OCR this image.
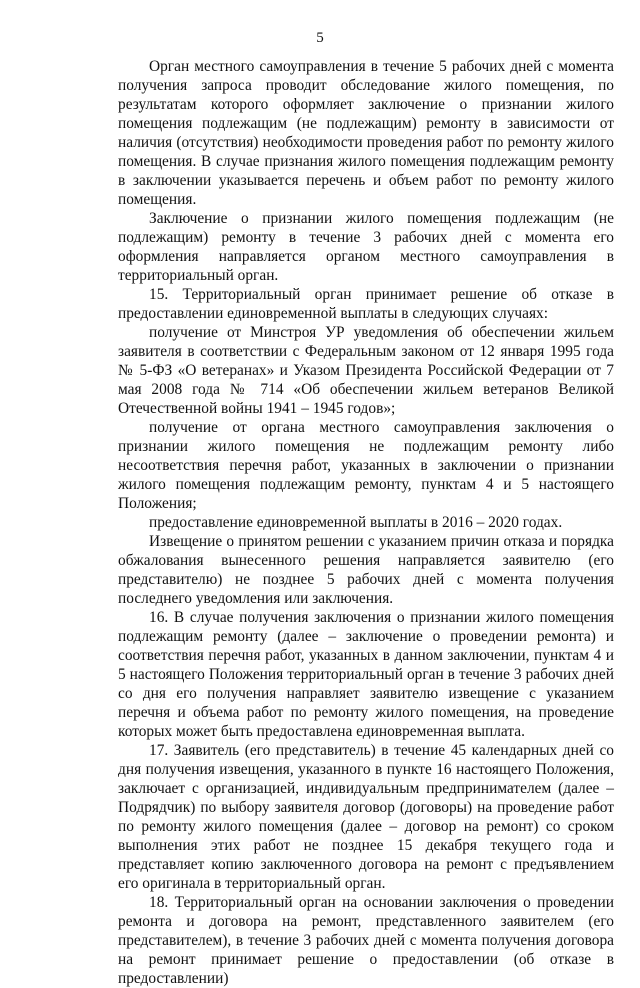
5

Орган местного самоуправления в течение 5 рабочих дней с момента получения запроса проводит обследование жилого помещения, по результатам которого оформляет заключение о признании жилого помещения подлежащим (не подлежащим) ремонту в зависимости от наличия (отсутствия) необходимости проведения работ по ремонту жилого помещения. В случае признания жилого помещения подлежащим ремонту в заключении указывается перечень и объем работ по ремонту жилого помещения.

Заключение о признании жилого помещения подлежащим (не подлежащим) ремонту в течение 3 рабочих дней с момента его оформления направляется органом местного самоуправления в территориальный орган.

15. Территориальный орган принимает решение об отказе в предоставлении единовременной выплаты в следующих случаях:

получение от Минстроя УР уведомления об обеспечении жильем заявителя в соответствии с Федеральным законом от 12 января 1995 года № 5-ФЗ «О ветеранах» и Указом Президента Российской Федерации от 7 мая 2008 года № 714 «Об обеспечении жильем ветеранов Великой Отечественной войны 1941 – 1945 годов»;

получение от органа местного самоуправления заключения о признании жилого помещения не подлежащим ремонту либо несоответствия перечня работ, указанных в заключении о признании жилого помещения подлежащим ремонту, пунктам 4 и 5 настоящего Положения;

предоставление единовременной выплаты в 2016 – 2020 годах.

Извещение о принятом решении с указанием причин отказа и порядка обжалования вынесенного решения направляется заявителю (его представителю) не позднее 5 рабочих дней с момента получения последнего уведомления или заключения.

16. В случае получения заключения о признании жилого помещения подлежащим ремонту (далее – заключение о проведении ремонта) и соответствия перечня работ, указанных в данном заключении, пунктам 4 и 5 настоящего Положения территориальный орган в течение 3 рабочих дней со дня его получения направляет заявителю извещение с указанием перечня и объема работ по ремонту жилого помещения, на проведение которых может быть предоставлена единовременная выплата.

17. Заявитель (его представитель) в течение 45 календарных дней со дня получения извещения, указанного в пункте 16 настоящего Положения, заключает с организацией, индивидуальным предпринимателем (далее – Подрядчик) по выбору заявителя договор (договоры) на проведение работ по ремонту жилого помещения (далее – договор на ремонт) со сроком выполнения этих работ не позднее 15 декабря текущего года и представляет копию заключенного договора на ремонт с предъявлением его оригинала в территориальный орган.

18. Территориальный орган на основании заключения о проведении ремонта и договора на ремонт, представленного заявителем (его представителем), в течение 3 рабочих дней с момента получения договора на ремонт принимает решение о предоставлении (об отказе в предоставлении)
